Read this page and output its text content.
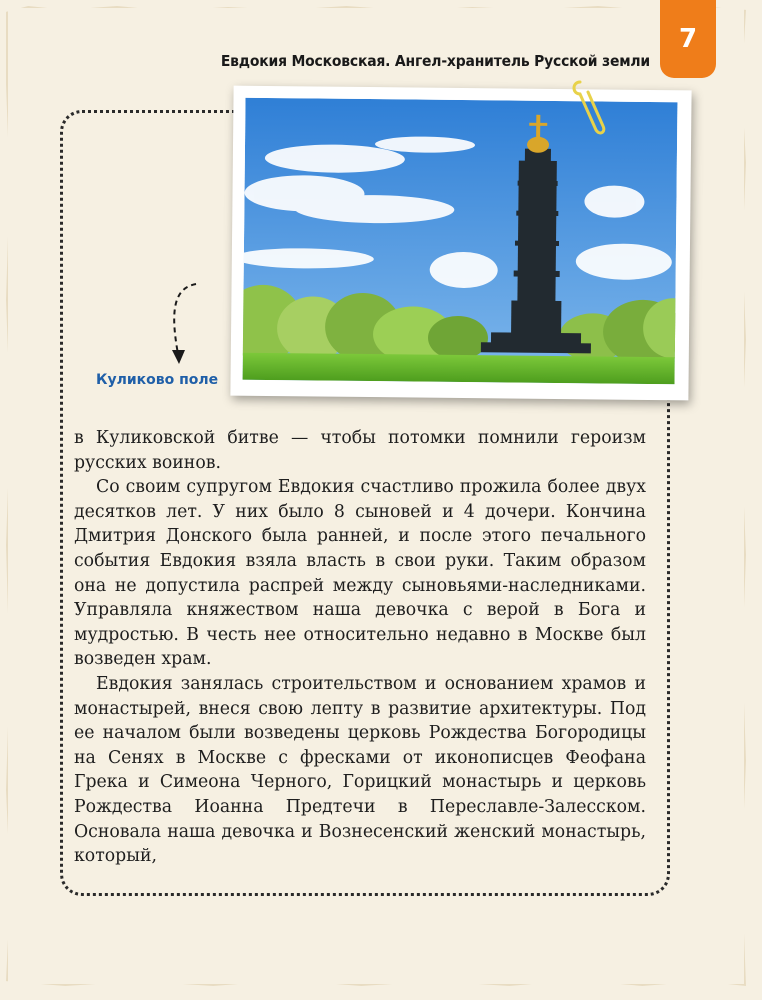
7
Евдокия Московская. Ангел-хранитель Русской земли
Куликово поле

в Куликовской битве — чтобы потомки помнили героизм русских воинов.

Со своим супругом Евдокия счастливо прожила более двух десятков лет. У них было 8 сыновей и 4 дочери. Кончина Дмитрия Донского была ранней, и после этого печального события Евдокия взяла власть в свои руки. Таким образом она не допустила распрей между сыновьями-наследниками. Управляла княжеством наша девочка с верой в Бога и мудростью. В честь нее относительно недавно в Москве был возведен храм.

Евдокия занялась строительством и основанием храмов и монастырей, внеся свою лепту в развитие архитектуры. Под ее началом были возведены церковь Рождества Богородицы на Сенях в Москве с фресками от иконописцев Феофана Грека и Симеона Черного, Горицкий монастырь и церковь Рождества Иоанна Предтечи в Переславле-Залесском. Основала наша девочка и Вознесенский женский монастырь, который,
